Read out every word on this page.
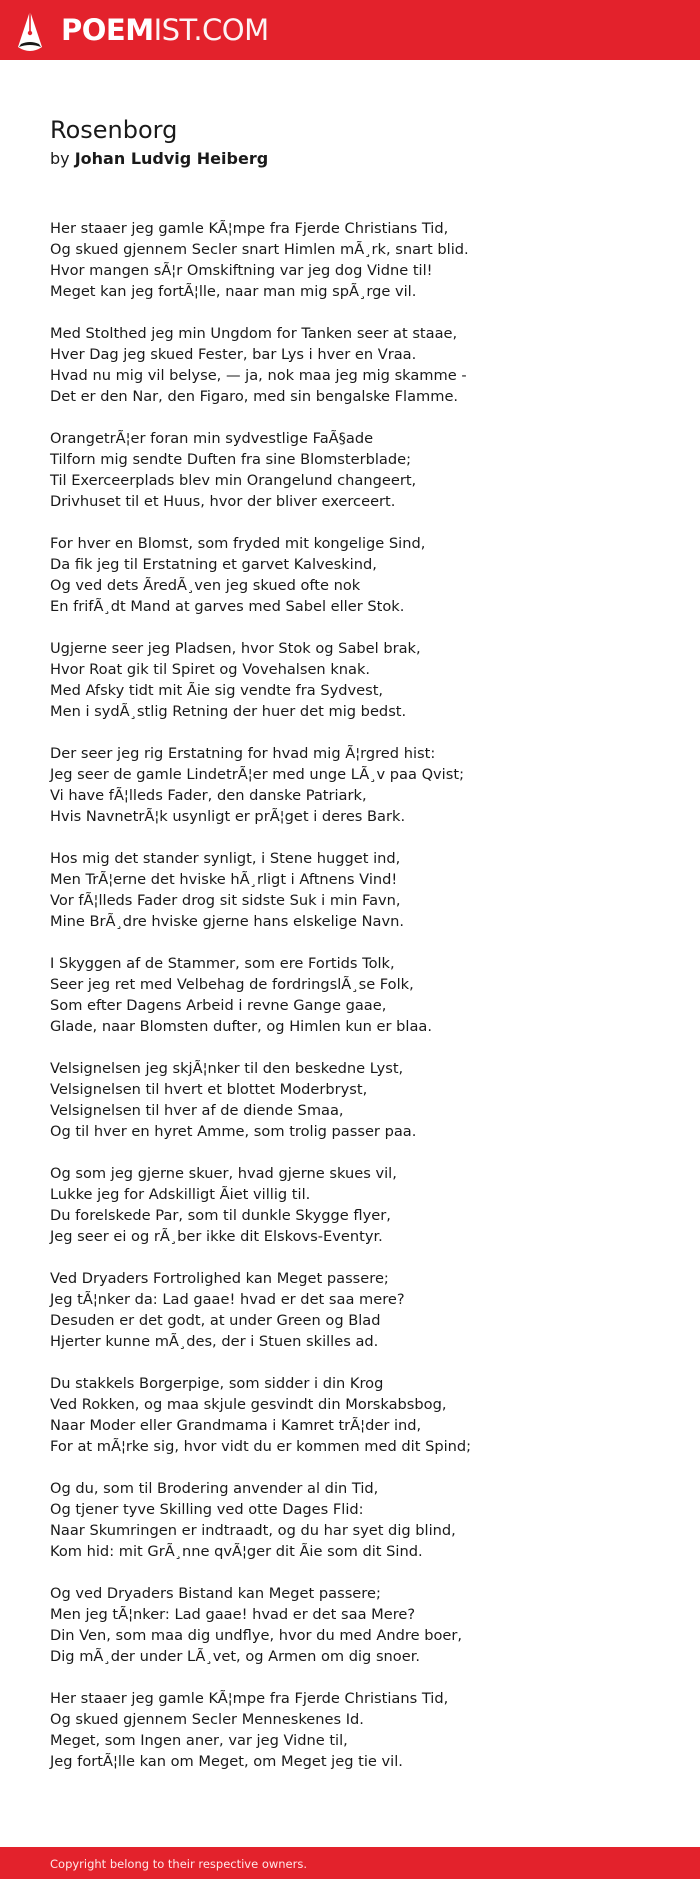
POEMIST.COM
Rosenborg
by Johan Ludvig Heiberg
Her staaer jeg gamle KÃ¦mpe fra Fjerde Christians Tid,
Og skued gjennem Secler snart Himlen mÃ¸rk, snart blid.
Hvor mangen sÃ¦r Omskiftning var jeg dog Vidne til!
Meget kan jeg fortÃ¦lle, naar man mig spÃ¸rge vil.
Med Stolthed jeg min Ungdom for Tanken seer at staae,
Hver Dag jeg skued Fester, bar Lys i hver en Vraa.
Hvad nu mig vil belyse, — ja, nok maa jeg mig skamme -
Det er den Nar, den Figaro, med sin bengalske Flamme.
OrangetrÃ¦er foran min sydvestlige FaÃ§ade
Tilforn mig sendte Duften fra sine Blomsterblade;
Til Exerceerplads blev min Orangelund changeert,
Drivhuset til et Huus, hvor der bliver exerceert.
For hver en Blomst, som fryded mit kongelige Sind,
Da fik jeg til Erstatning et garvet Kalveskind,
Og ved dets ÃredÃ¸ven jeg skued ofte nok
En frifÃ¸dt Mand at garves med Sabel eller Stok.
Ugjerne seer jeg Pladsen, hvor Stok og Sabel brak,
Hvor Roat gik til Spiret og Vovehalsen knak.
Med Afsky tidt mit Ãie sig vendte fra Sydvest,
Men i sydÃ¸stlig Retning der huer det mig bedst.
Der seer jeg rig Erstatning for hvad mig Ã¦rgred hist:
Jeg seer de gamle LindetrÃ¦er med unge LÃ¸v paa Qvist;
Vi have fÃ¦lleds Fader, den danske Patriark,
Hvis NavnetrÃ¦k usynligt er prÃ¦get i deres Bark.
Hos mig det stander synligt, i Stene hugget ind,
Men TrÃ¦erne det hviske hÃ¸rligt i Aftnens Vind!
Vor fÃ¦lleds Fader drog sit sidste Suk i min Favn,
Mine BrÃ¸dre hviske gjerne hans elskelige Navn.
I Skyggen af de Stammer, som ere Fortids Tolk,
Seer jeg ret med Velbehag de fordringslÃ¸se Folk,
Som efter Dagens Arbeid i revne Gange gaae,
Glade, naar Blomsten dufter, og Himlen kun er blaa.
Velsignelsen jeg skjÃ¦nker til den beskedne Lyst,
Velsignelsen til hvert et blottet Moderbryst,
Velsignelsen til hver af de diende Smaa,
Og til hver en hyret Amme, som trolig passer paa.
Og som jeg gjerne skuer, hvad gjerne skues vil,
Lukke jeg for Adskilligt Ãiet villig til.
Du forelskede Par, som til dunkle Skygge flyer,
Jeg seer ei og rÃ¸ber ikke dit Elskovs-Eventyr.
Ved Dryaders Fortrolighed kan Meget passere;
Jeg tÃ¦nker da: Lad gaae! hvad er det saa mere?
Desuden er det godt, at under Green og Blad
Hjerter kunne mÃ¸des, der i Stuen skilles ad.
Du stakkels Borgerpige, som sidder i din Krog
Ved Rokken, og maa skjule gesvindt din Morskabsbog,
Naar Moder eller Grandmama i Kamret trÃ¦der ind,
For at mÃ¦rke sig, hvor vidt du er kommen med dit Spind;
Og du, som til Brodering anvender al din Tid,
Og tjener tyve Skilling ved otte Dages Flid:
Naar Skumringen er indtraadt, og du har syet dig blind,
Kom hid: mit GrÃ¸nne qvÃ¦ger dit Ãie som dit Sind.
Og ved Dryaders Bistand kan Meget passere;
Men jeg tÃ¦nker: Lad gaae! hvad er det saa Mere?
Din Ven, som maa dig undflye, hvor du med Andre boer,
Dig mÃ¸der under LÃ¸vet, og Armen om dig snoer.
Her staaer jeg gamle KÃ¦mpe fra Fjerde Christians Tid,
Og skued gjennem Secler Menneskenes Id.
Meget, som Ingen aner, var jeg Vidne til,
Jeg fortÃ¦lle kan om Meget, om Meget jeg tie vil.
Copyright belong to their respective owners.
